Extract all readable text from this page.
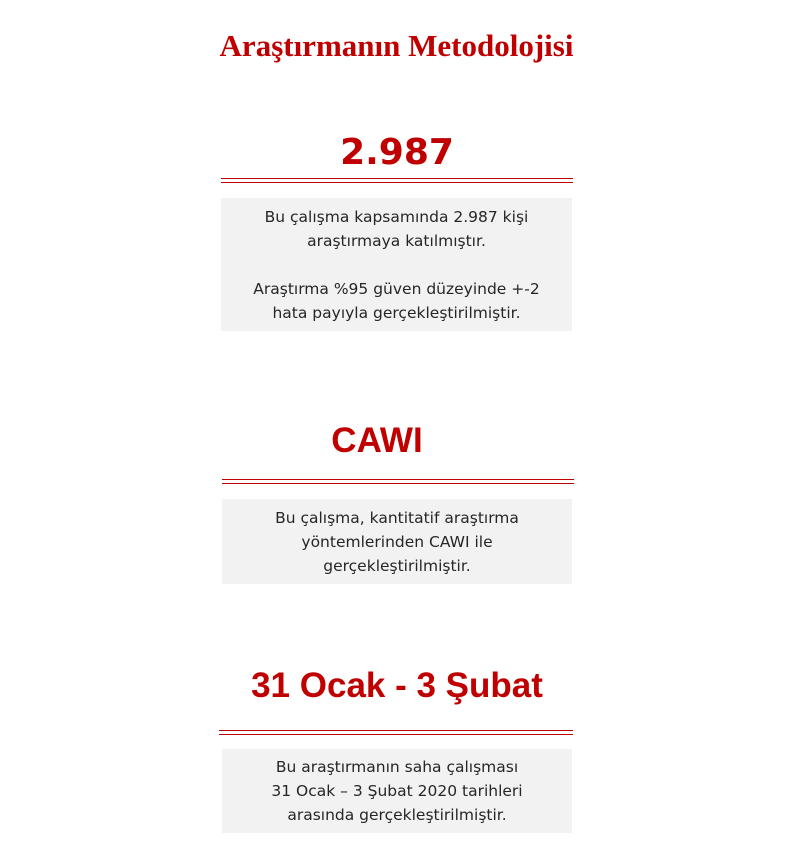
Araştırmanın Metodolojisi
2.987

Bu çalışma kapsamında 2.987 kişi

araştırmaya katılmıştır.

Araştırma %95 güven düzeyinde +-2

hata payıyla gerçekleştirilmiştir.

CAWI

Bu çalışma, kantitatif araştırma

yöntemlerinden CAWI ile

gerçekleştirilmiştir.

31 Ocak - 3 Şubat

Bu araştırmanın saha çalışması

31 Ocak – 3 Şubat 2020 tarihleri

arasında gerçekleştirilmiştir.
